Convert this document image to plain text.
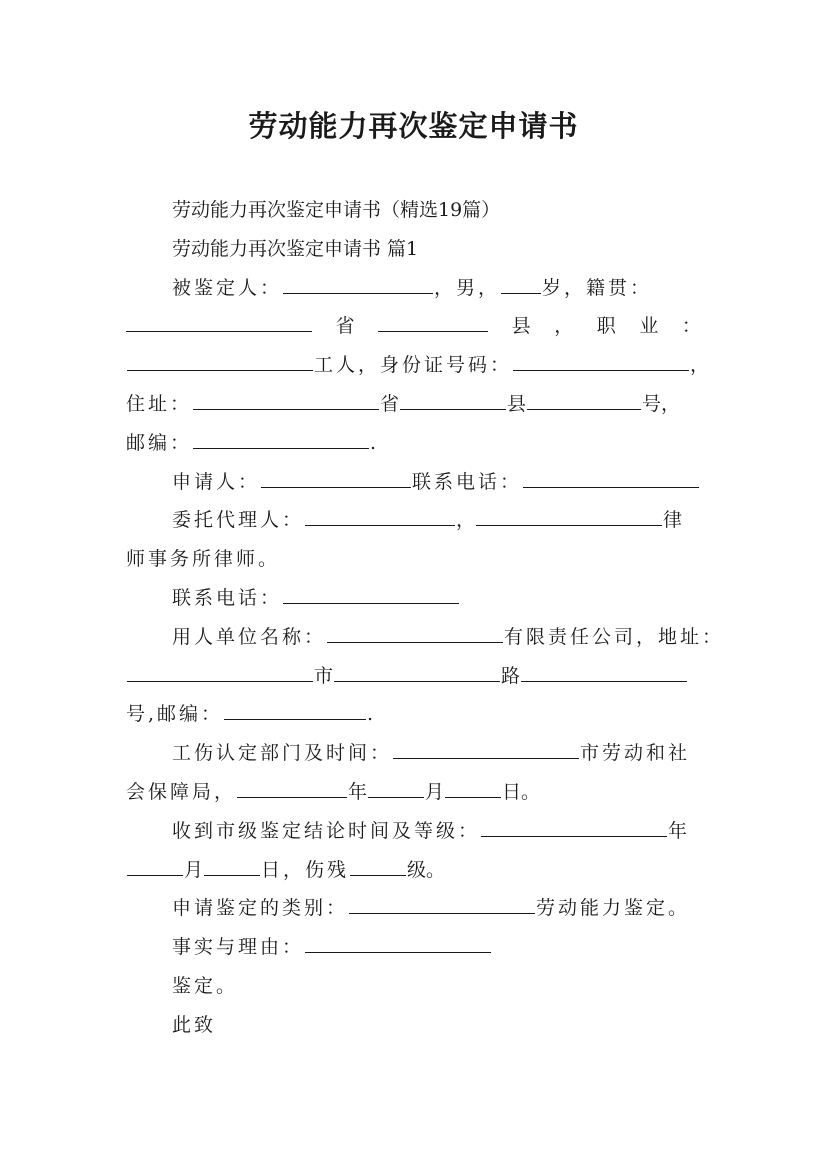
劳动能力再次鉴定申请书
劳动能力再次鉴定申请书（精选19篇）
劳动能力再次鉴定申请书 篇1
被鉴定人：	，男， 岁，籍贯：
省	县 ， 职 业 ：
工人，身份证号码：	，
住址：	省	县	号，
邮编：	.
申请人：	联系电话：
委托代理人：	，	律
师事务所律师。
联系电话：
用人单位名称：	有限责任公司，地址：
市	路
号,邮编：	.
工伤认定部门及时间：	市劳动和社
会保障局，	年	月	日。
收到市级鉴定结论时间及等级：	年
月	日，伤残	级。
申请鉴定的类别：	劳动能力鉴定。
事实与理由：
鉴定。
此致
